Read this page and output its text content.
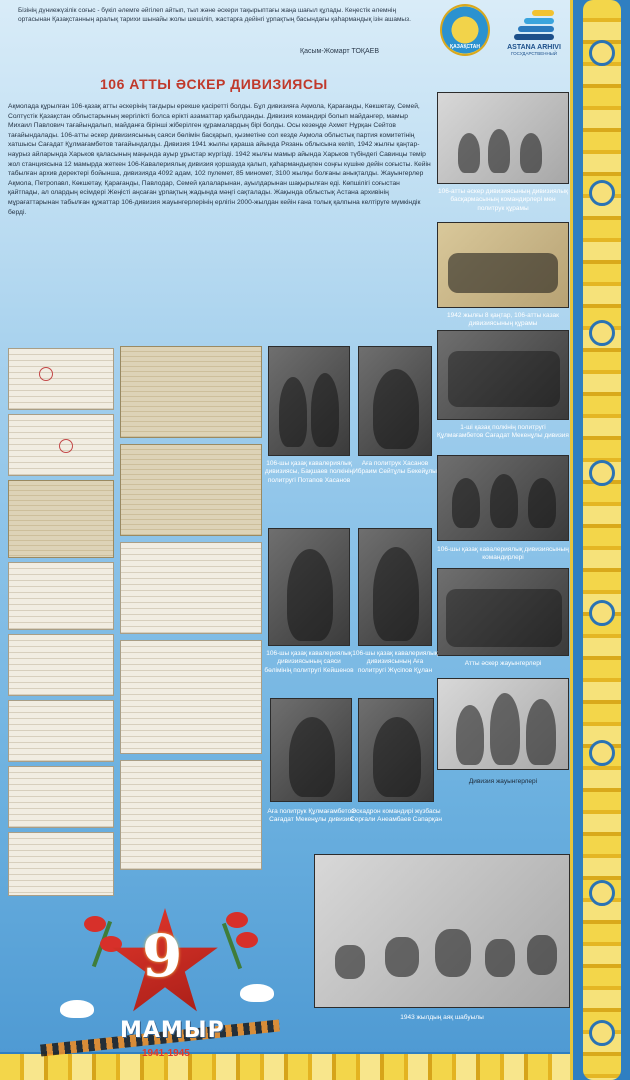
Бізінің дүниежүзілік соғыс - бүкіл әлемге әйгілеп айтып, тыл және әскери тақырыптағы жаңа шағыл құлады. Кеңестік әлемнің ортасынан Қазақстанның аралық тарихи шынайы жолы шешіліп, жастарға дейінгі ұрпақтың басындағы қаһармандық ізін ашамыз.
Қасым-Жомарт ТОҚАЕВ
ҚАЗАҚСТАН	ASTANA ARHIVI
ГОСУДАРСТВЕННЫЙ
106 АТТЫ ӘСКЕР ДИВИЗИЯСЫ
Ақмолада құрылған 106-қазақ атты әскерінің тағдыры ерекше қасіретті болды. Бұл дивизияға Ақмола, Қарағанды, Көкшетау, Семей, Солтүстік Қазақстан облыстарының жергілікті болса ерікті азаматтар қабылданды. Дивизия командирі болып майдангер, мамыр Михаил Павлович тағайындалып, майданға бірінші жіберілген құрамалардың бірі болды. Осы кезеңде Ахмет Нұрқан Сейтов тағайындалады. 106-атты әскер дивизиясының саяси бөлімін басқарып, қызметіне сол кезде Ақмола облыстық партия комитетінің хатшысы Сағадат Құлмағамбетов тағайындалды. Дивизия 1941 жылғы қараша айында Рязань облысына келіп, 1942 жылғы қаңтар-наурыз айларында Харьков қаласының маңында ауыр ұрыстар жүргізді. 1942 жылғы мамыр айында Харьков түбіндегі Савинцы темір жол станциясына 12 мамырда жеткен 106-Кавалериялық дивизия қоршауда қалып, қаһармандықпен соңғы күшіне дейін соғысты. Кейін табылған архив деректері бойынша, дивизияда 4092 адам, 102 пулемет, 85 миномет, 3100 жылқы болғаны анықталды. Жауынгерлер Ақмола, Петропавл, Көкшетау, Қарағанды, Павлодар, Семей қалаларынан, ауылдарынан шақырылған еді. Көпшілігі соғыстан қайтпады, ал олардың есімдері Жеңісті аңсаған ұрпақтың жадында мәңгі сақталады. Жақында облыстық Астана архивінің мұрағаттарынан табылған құжаттар 106-дивизия жауынгерлерінің ерлігін 2000-жылдан кейін ғана толық қалпына келтіруге мүмкіндік берді.
106-атты әскер дивизиясының дивизиялық басқармасының командирлері мен политрук құрамы
1942 жылғы 8 қаңтар, 106-атты казак дивизиясының құрамы
1-ші қазақ полкінің политругі Құлмағамбетов Сағадат Мекенұлы дивизия
106-шы қазақ кавалериялық дивизиясының командирлері
Атты әскер жауынгерлері
Дивизия жауынгерлері
106-шы қазақ кавалериялық дивизиясы, Бақшаев полкінің политругі Потапов Хасанов
Аға политрук Хасанов Ибраим Сейтұлы Бекейұлы
106-шы қазақ кавалериялық дивизиясының саяси бөлімінің политругі Кейшенов
106-шы қазақ кавалериялық дивизиясының Аға политругі Жүсіпов Құлан
Аға политрук Құлмағамбетов Сағадат Мекенұлы дивизия
Эскадрон командирі жүзбасы Серғали Анеамбаев Сапарқан
1943 жылдың аяқ шабуылы
9
МАМЫР
1941-1945
